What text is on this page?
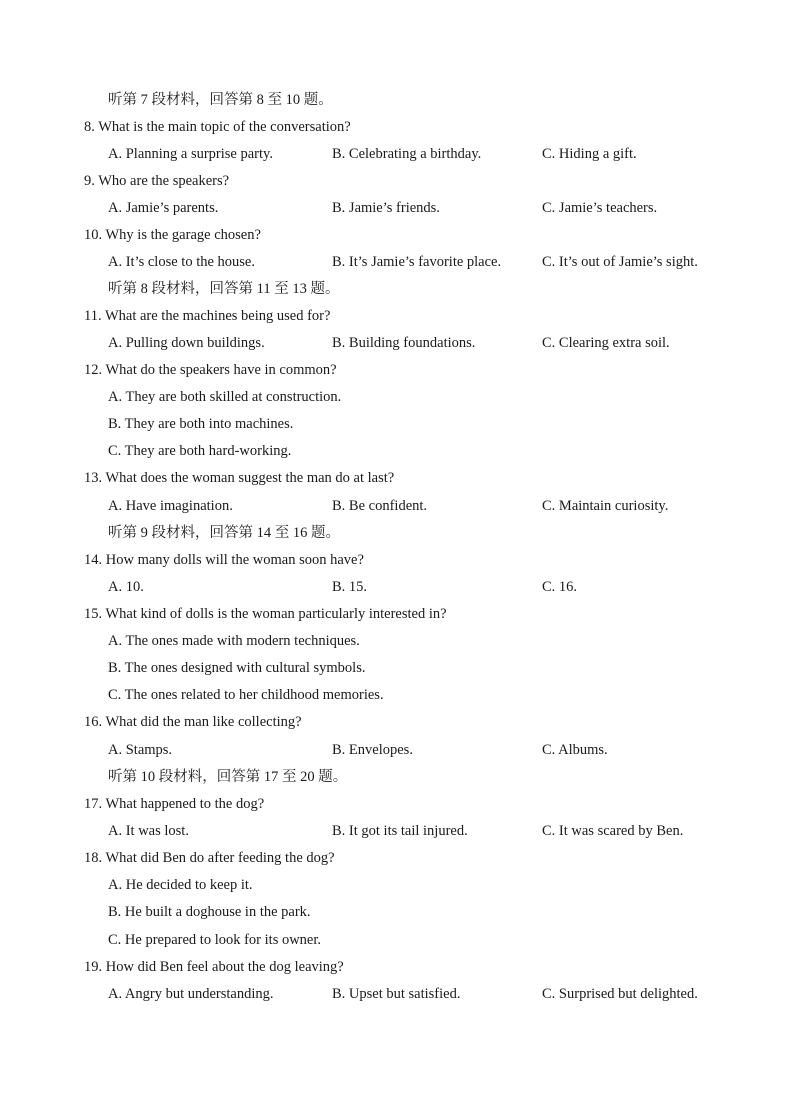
听第 7 段材料，回答第 8 至 10 题。
8. What is the main topic of the conversation?
A. Planning a surprise party.	B. Celebrating a birthday.	C. Hiding a gift.
9. Who are the speakers?
A. Jamie’s parents.	B. Jamie’s friends.	C. Jamie’s teachers.
10. Why is the garage chosen?
A. It’s close to the house.	B. It’s Jamie’s favorite place.	C. It’s out of Jamie’s sight.
听第 8 段材料，回答第 11 至 13 题。
11. What are the machines being used for?
A. Pulling down buildings.	B. Building foundations.	C. Clearing extra soil.
12. What do the speakers have in common?
A. They are both skilled at construction.
B. They are both into machines.
C. They are both hard-working.
13. What does the woman suggest the man do at last?
A. Have imagination.	B. Be confident.	C. Maintain curiosity.
听第 9 段材料，回答第 14 至 16 题。
14. How many dolls will the woman soon have?
A. 10.	B. 15.	C. 16.
15. What kind of dolls is the woman particularly interested in?
A. The ones made with modern techniques.
B. The ones designed with cultural symbols.
C. The ones related to her childhood memories.
16. What did the man like collecting?
A. Stamps.	B. Envelopes.	C. Albums.
听第 10 段材料，回答第 17 至 20 题。
17. What happened to the dog?
A. It was lost.	B. It got its tail injured.	C. It was scared by Ben.
18. What did Ben do after feeding the dog?
A. He decided to keep it.
B. He built a doghouse in the park.
C. He prepared to look for its owner.
19. How did Ben feel about the dog leaving?
A. Angry but understanding.	B. Upset but satisfied.	C. Surprised but delighted.
